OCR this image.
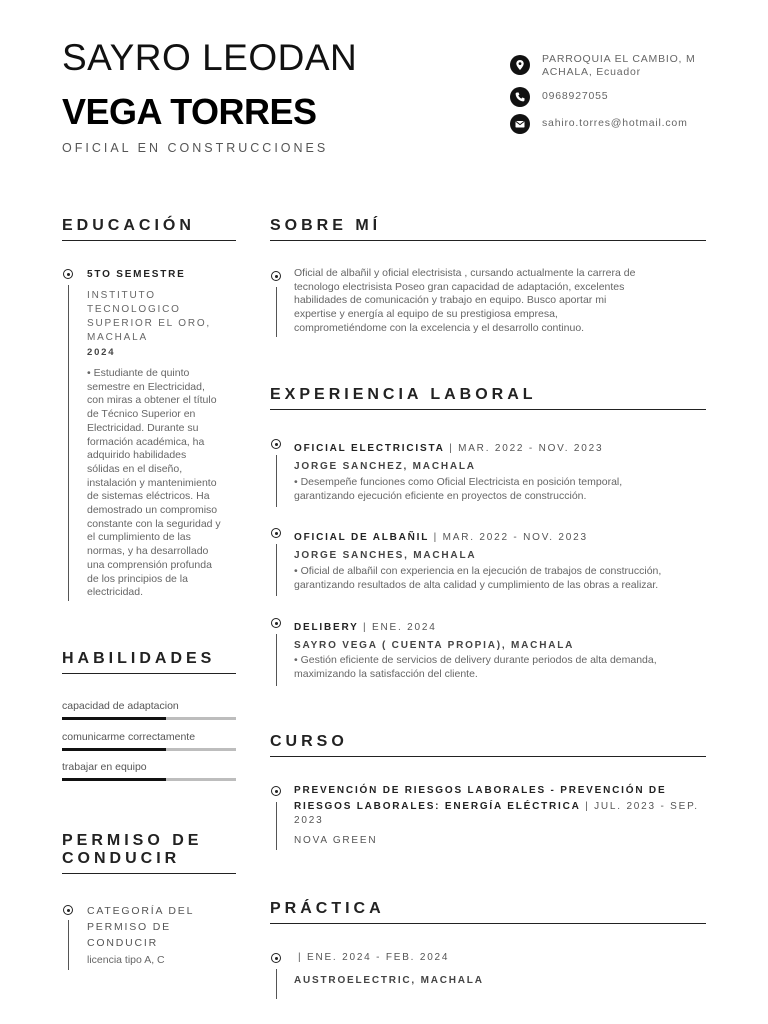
SAYRO LEODAN
VEGA TORRES
OFICIAL EN CONSTRUCCIONES
PARROQUIA EL CAMBIO, M
ACHALA, Ecuador
0968927055
sahiro.torres@hotmail.com
EDUCACIÓN
5TO SEMESTRE
INSTITUTO
TECNOLOGICO
SUPERIOR EL ORO,
MACHALA
2024
• Estudiante de quinto
semestre en Electricidad,
con miras a obtener el título
de Técnico Superior en
Electricidad. Durante su
formación académica, ha
adquirido habilidades
sólidas en el diseño,
instalación y mantenimiento
de sistemas eléctricos. Ha
demostrado un compromiso
constante con la seguridad y
el cumplimiento de las
normas, y ha desarrollado
una comprensión profunda
de los principios de la
electricidad.
HABILIDADES
capacidad de adaptacion
comunicarme correctamente
trabajar en equipo
PERMISO DE
CONDUCIR
CATEGORÍA DEL
PERMISO DE
CONDUCIR
licencia tipo A, C
SOBRE MÍ
Oficial de albañil y oficial electrisista , cursando actualmente la carrera de
tecnologo electrisista Poseo gran capacidad de adaptación, excelentes
habilidades de comunicación y trabajo en equipo. Busco aportar mi
expertise y energía al equipo de su prestigiosa empresa,
comprometiéndome con la excelencia y el desarrollo continuo.
EXPERIENCIA LABORAL
OFICIAL ELECTRICISTA | MAR. 2022 - NOV. 2023
JORGE SANCHEZ, MACHALA
• Desempeñe funciones como Oficial Electricista en posición temporal,
garantizando ejecución eficiente en proyectos de construcción.
OFICIAL DE ALBAÑIL | MAR. 2022 - NOV. 2023
JORGE SANCHES, MACHALA
• Oficial de albañil con experiencia en la ejecución de trabajos de construcción,
garantizando resultados de alta calidad y cumplimiento de las obras a realizar.
DELIBERY | ENE. 2024
SAYRO VEGA ( CUENTA PROPIA), MACHALA
• Gestión eficiente de servicios de delivery durante periodos de alta demanda,
maximizando la satisfacción del cliente.
CURSO
PREVENCIÓN DE RIESGOS LABORALES - PREVENCIÓN DE
RIESGOS LABORALES: ENERGÍA ELÉCTRICA | JUL. 2023 - SEP.
2023
NOVA GREEN
PRÁCTICA
| ENE. 2024 - FEB. 2024
AUSTROELECTRIC, MACHALA
